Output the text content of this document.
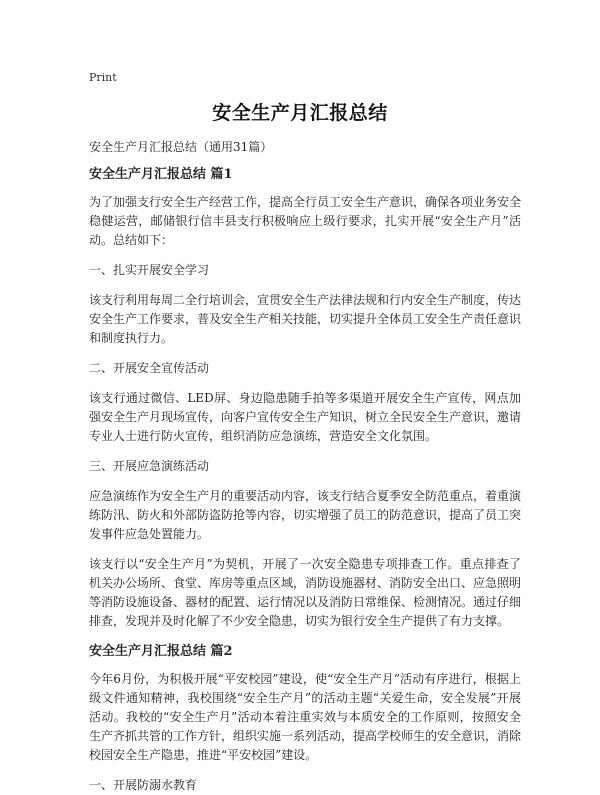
Print
安全生产月汇报总结

安全生产月汇报总结（通用31篇）

安全生产月汇报总结 篇1

为了加强支行安全生产经营工作，提高全行员工安全生产意识，确保各项业务安全稳健运营，邮储银行信丰县支行积极响应上级行要求，扎实开展“安全生产月”活动。总结如下：

一、扎实开展安全学习

该支行利用每周二全行培训会，宣贯安全生产法律法规和行内安全生产制度，传达安全生产工作要求，普及安全生产相关技能，切实提升全体员工安全生产责任意识和制度执行力。

二、开展安全宣传活动

该支行通过微信、LED屏、身边隐患随手拍等多渠道开展安全生产宣传，网点加强安全生产月现场宣传，向客户宣传安全生产知识，树立全民安全生产意识，邀请专业人士进行防火宣传，组织消防应急演练，营造安全文化氛围。

三、开展应急演练活动

应急演练作为安全生产月的重要活动内容，该支行结合夏季安全防范重点，着重演练防汛、防火和外部防盗防抢等内容，切实增强了员工的防范意识，提高了员工突发事件应急处置能力。

该支行以“安全生产月”为契机，开展了一次安全隐患专项排查工作。重点排查了机关办公场所、食堂、库房等重点区域，消防设施器材、消防安全出口、应急照明等消防设施设备、器材的配置、运行情况以及消防日常维保、检测情况。通过仔细排查，发现并及时化解了不少安全隐患，切实为银行安全生产提供了有力支撑。

安全生产月汇报总结 篇2

今年6月份，为积极开展“平安校园”建设，使“安全生产月”活动有序进行，根据上级文件通知精神，我校围绕“安全生产月”的活动主题“关爱生命，安全发展”开展活动。我校的“安全生产月”活动本着注重实效与本质安全的工作原则，按照安全生产齐抓共管的工作方针，组织实施一系列活动，提高学校师生的安全意识，消除校园安全生产隐患，推进“平安校园”建设。

一、开展防溺水教育
